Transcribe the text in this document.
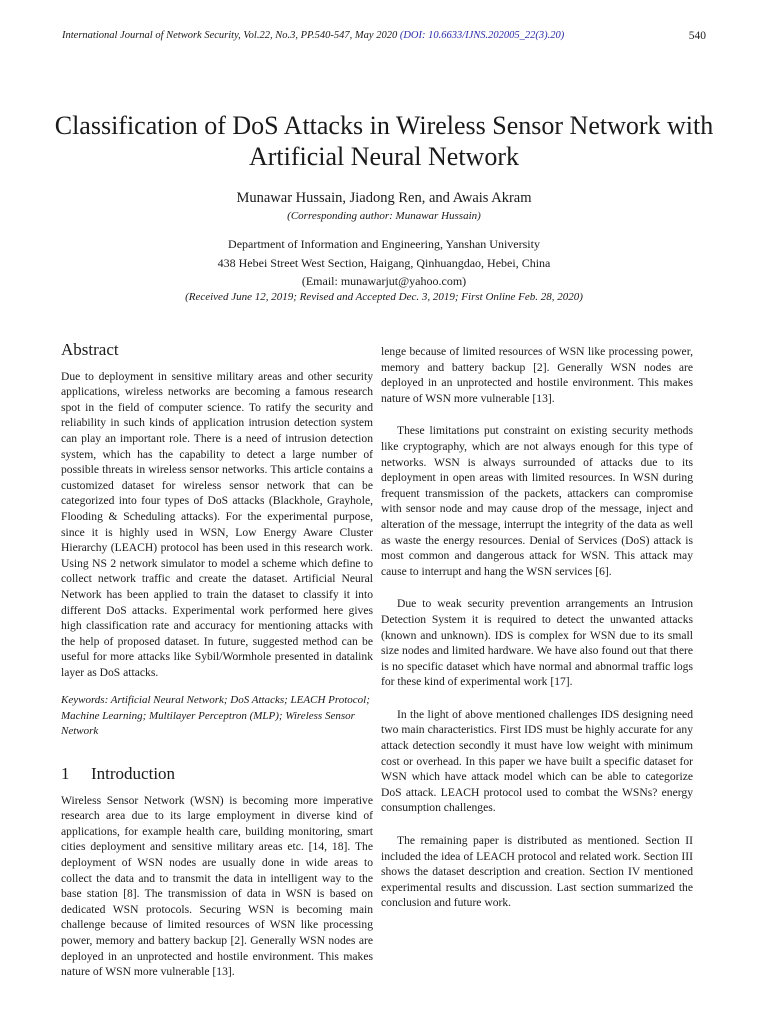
International Journal of Network Security, Vol.22, No.3, PP.540-547, May 2020 (DOI: 10.6633/IJNS.202005_22(3).20)	540
Classification of DoS Attacks in Wireless Sensor Network with Artificial Neural Network
Munawar Hussain, Jiadong Ren, and Awais Akram
(Corresponding author: Munawar Hussain)
Department of Information and Engineering, Yanshan University
438 Hebei Street West Section, Haigang, Qinhuangdao, Hebei, China
(Email: munawarjut@yahoo.com)
(Received June 12, 2019; Revised and Accepted Dec. 3, 2019; First Online Feb. 28, 2020)
Abstract

Due to deployment in sensitive military areas and other security applications, wireless networks are becoming a famous research spot in the field of computer science. To ratify the security and reliability in such kinds of application intrusion detection system can play an important role. There is a need of intrusion detection system, which has the capability to detect a large number of possible threats in wireless sensor networks. This article contains a customized dataset for wireless sensor network that can be categorized into four types of DoS attacks (Blackhole, Grayhole, Flooding & Scheduling attacks). For the experimental purpose, since it is highly used in WSN, Low Energy Aware Cluster Hierarchy (LEACH) protocol has been used in this research work. Using NS 2 network simulator to model a scheme which define to collect network traffic and create the dataset. Artificial Neural Network has been applied to train the dataset to classify it into different DoS attacks. Experimental work performed here gives high classification rate and accuracy for mentioning attacks with the help of proposed dataset. In future, suggested method can be useful for more attacks like Sybil/Wormhole presented in datalink layer as DoS attacks.

Keywords: Artificial Neural Network; DoS Attacks; LEACH Protocol; Machine Learning; Multilayer Perceptron (MLP); Wireless Sensor Network

1 Introduction

Wireless Sensor Network (WSN) is becoming more imperative research area due to its large employment in diverse kind of applications, for example health care, building monitoring, smart cities deployment and sensitive military areas etc. [14, 18]. The deployment of WSN nodes are usually done in wide areas to collect the data and to transmit the data in intelligent way to the base station [8]. The transmission of data in WSN is based on dedicated WSN protocols. Securing WSN is becoming main challenge because of limited resources of WSN like processing power, memory and battery backup [2]. Generally WSN nodes are deployed in an unprotected and hostile environment. This makes nature of WSN more vulnerable [13].

lenge because of limited resources of WSN like processing power, memory and battery backup [2]. Generally WSN nodes are deployed in an unprotected and hostile environment. This makes nature of WSN more vulnerable [13].

These limitations put constraint on existing security methods like cryptography, which are not always enough for this type of networks. WSN is always surrounded of attacks due to its deployment in open areas with limited resources. In WSN during frequent transmission of the packets, attackers can compromise with sensor node and may cause drop of the message, inject and alteration of the message, interrupt the integrity of the data as well as waste the energy resources. Denial of Services (DoS) attack is most common and dangerous attack for WSN. This attack may cause to interrupt and hang the WSN services [6].

Due to weak security prevention arrangements an Intrusion Detection System it is required to detect the unwanted attacks (known and unknown). IDS is complex for WSN due to its small size nodes and limited hardware. We have also found out that there is no specific dataset which have normal and abnormal traffic logs for these kind of experimental work [17].

In the light of above mentioned challenges IDS designing need two main characteristics. First IDS must be highly accurate for any attack detection secondly it must have low weight with minimum cost or overhead. In this paper we have built a specific dataset for WSN which have attack model which can be able to categorize DoS attack. LEACH protocol used to combat the WSNs? energy consumption challenges.

The remaining paper is distributed as mentioned. Section II included the idea of LEACH protocol and related work. Section III shows the dataset description and creation. Section IV mentioned experimental results and discussion. Last section summarized the conclusion and future work.
